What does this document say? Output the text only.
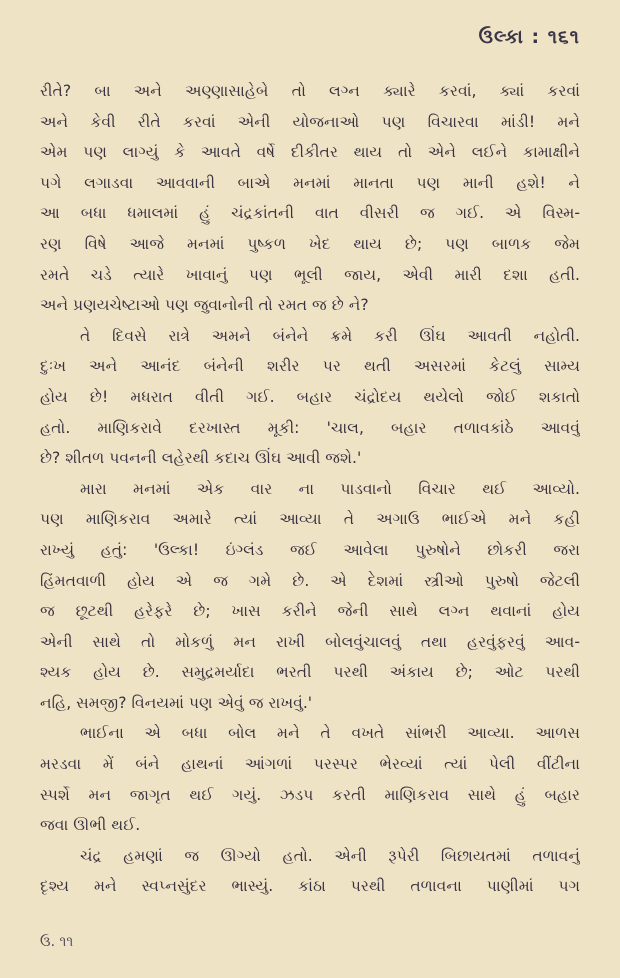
ઉલ્કા : ૧૬૧
રીતે? બા અને અણ્ણાસાહેબે તો લગ્ન ક્યારે કરવાં, ક્યાં કરવાં
અને કેવી રીતે કરવાં એની યોજનાઓ પણ વિચારવા માંડી! મને
એમ પણ લાગ્યું કે આવતે વર્ષે દીકીતર થાય તો એને લઈને કામાક્ષીને
પગે લગાડવા આવવાની બાએ મનમાં માનતા પણ માની હશે! ને
આ બધા ધમાલમાં હું ચંદ્રકાંતની વાત વીસરી જ ગઈ. એ વિસ્મ-
રણ વિષે આજે મનમાં પુષ્કળ ખેદ થાય છે; પણ બાળક જેમ
રમતે ચડે ત્યારે ખાવાનું પણ ભૂલી જાય, એવી મારી દશા હતી.
અને પ્રણયચેષ્ટાઓ પણ જુવાનોની તો રમત જ છે ને?
તે દિવસે રાત્રે અમને બંનેને ક્રમે કરી ઊંઘ આવતી નહોતી.
દુઃખ અને આનંદ બંનેની શરીર પર થતી અસરમાં કેટલું સામ્ય
હોય છે! મધરાત વીતી ગઈ. બહાર ચંદ્રોદય થયેલો જોઈ શકાતો
હતો. માણિકરાવે દરખાસ્ત મૂકી: 'ચાલ, બહાર તળાવકાંઠે આવવું
છે? શીતળ પવનની લહેરથી કદાચ ઊંઘ આવી જશે.'
મારા મનમાં એક વાર ના પાડવાનો વિચાર થઈ આવ્યો.
પણ માણિકરાવ અમારે ત્યાં આવ્યા તે અગાઉ ભાઈએ મને કહી
રાખ્યું હતું: 'ઉલ્કા! ઇંગ્લંડ જઈ આવેલા પુરુષોને છોકરી જરા
હિંમતવાળી હોય એ જ ગમે છે. એ દેશમાં સ્ત્રીઓ પુરુષો જેટલી
જ છૂટથી હરેફરે છે; ખાસ કરીને જેની સાથે લગ્ન થવાનાં હોય
એની સાથે તો મોકળું મન રાખી બોલવુંચાલવું તથા હરવુંફરવું આવ-
શ્યક હોય છે. સમુદ્રમર્યાદા ભરતી પરથી અંકાય છે; ઓટ પરથી
નહિ, સમજી? વિનયમાં પણ એવું જ રાખવું.'
ભાઈના એ બધા બોલ મને તે વખતે સાંભરી આવ્યા. આળસ
મરડવા મેં બંને હાથનાં આંગળાં પરસ્પર ભેરવ્યાં ત્યાં પેલી વીંટીના
સ્પર્શે મન જાગૃત થઈ ગયું. ઝડપ કરતી માણિકરાવ સાથે હું બહાર
જવા ઊભી થઈ.
ચંદ્ર હમણાં જ ઊગ્યો હતો. એની રૂપેરી બિછાયતમાં તળાવનું
દૃશ્ય મને સ્વપ્નસુંદર ભાસ્યું. કાંઠા પરથી તળાવના પાણીમાં પગ
ઉ. ૧૧
